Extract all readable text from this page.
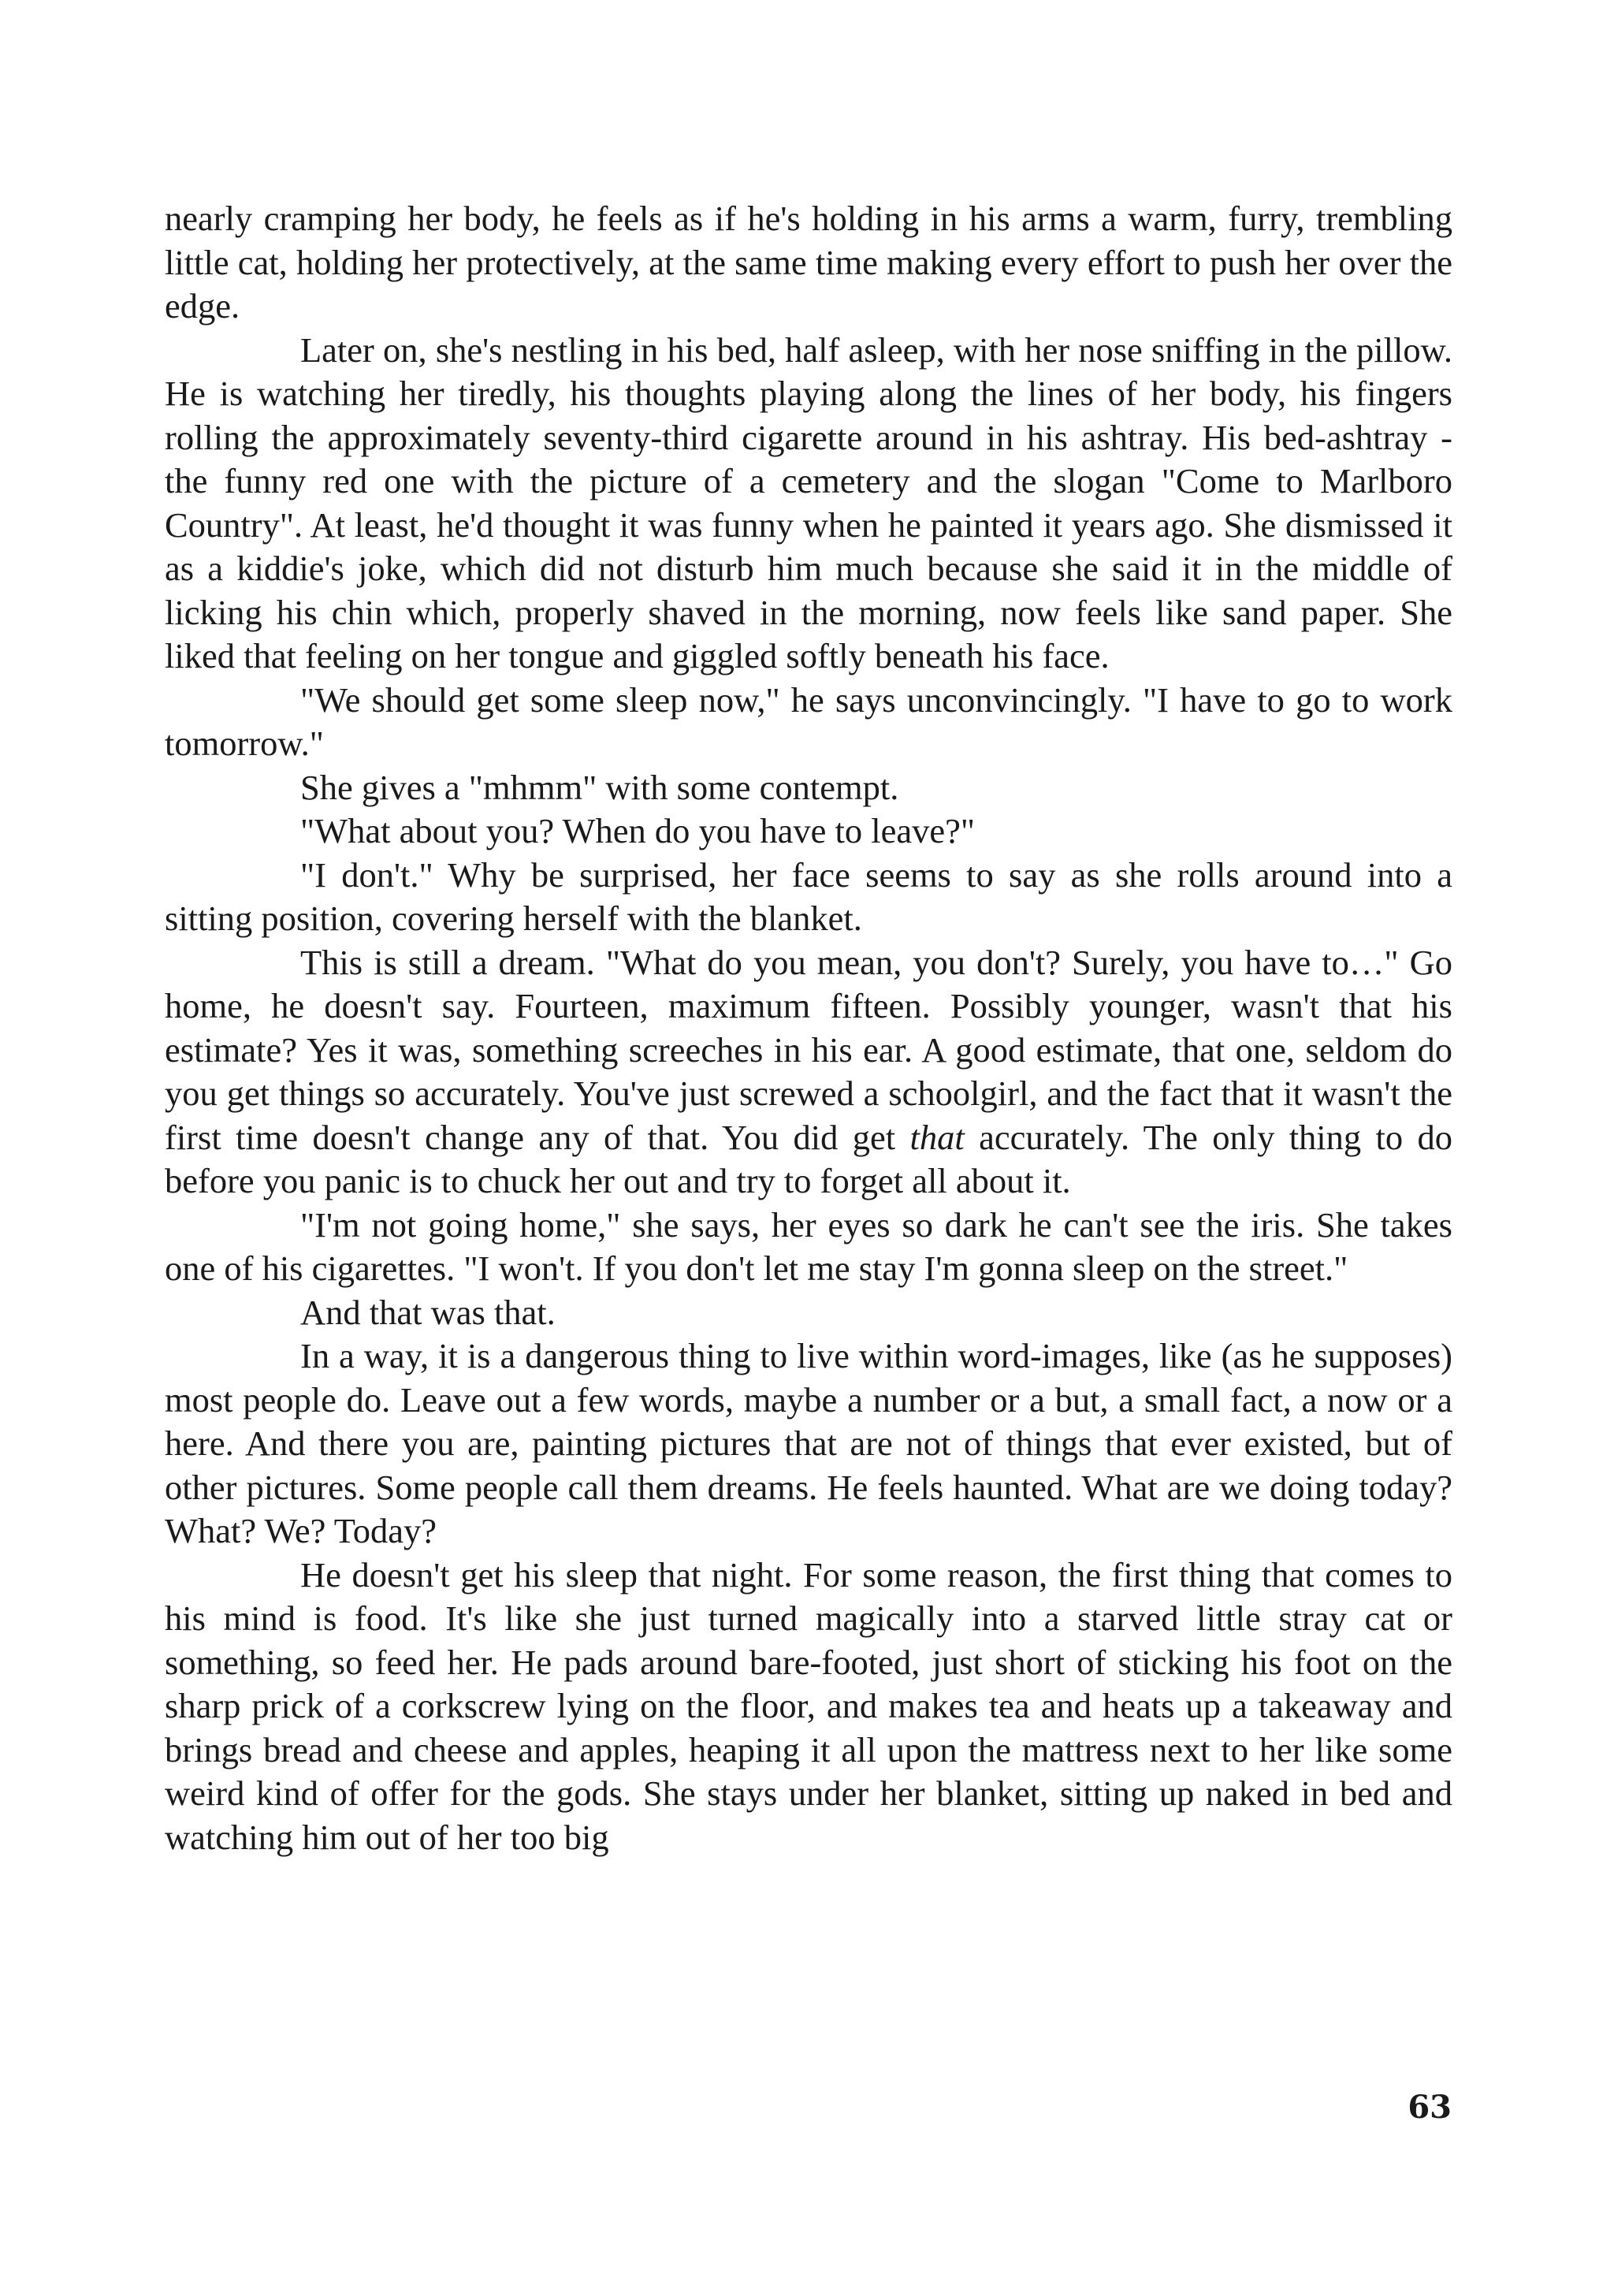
nearly cramping her body, he feels as if he's holding in his arms a warm, furry, trembling little cat, holding her protectively, at the same time making every effort to push her over the edge.

Later on, she's nestling in his bed, half asleep, with her nose sniffing in the pillow. He is watching her tiredly, his thoughts playing along the lines of her body, his fingers rolling the approximately seventy-third cigarette around in his ashtray. His bed-ashtray - the funny red one with the picture of a cemetery and the slogan "Come to Marlboro Country". At least, he'd thought it was funny when he painted it years ago. She dismissed it as a kiddie's joke, which did not disturb him much because she said it in the middle of licking his chin which, properly shaved in the morning, now feels like sand paper. She liked that feeling on her tongue and giggled softly beneath his face.

"We should get some sleep now," he says unconvincingly. "I have to go to work tomorrow."

She gives a "mhmm" with some contempt.

"What about you? When do you have to leave?"

"I don't." Why be surprised, her face seems to say as she rolls around into a sitting position, covering herself with the blanket.

This is still a dream. "What do you mean, you don't? Surely, you have to…" Go home, he doesn't say. Fourteen, maximum fifteen. Possibly younger, wasn't that his estimate? Yes it was, something screeches in his ear. A good estimate, that one, seldom do you get things so accurately. You've just screwed a schoolgirl, and the fact that it wasn't the first time doesn't change any of that. You did get that accurately. The only thing to do before you panic is to chuck her out and try to forget all about it.

"I'm not going home," she says, her eyes so dark he can't see the iris. She takes one of his cigarettes. "I won't. If you don't let me stay I'm gonna sleep on the street."

And that was that.

In a way, it is a dangerous thing to live within word-images, like (as he supposes) most people do. Leave out a few words, maybe a number or a but, a small fact, a now or a here. And there you are, painting pictures that are not of things that ever existed, but of other pictures. Some people call them dreams. He feels haunted. What are we doing today? What? We? Today?

He doesn't get his sleep that night. For some reason, the first thing that comes to his mind is food. It's like she just turned magically into a starved little stray cat or something, so feed her. He pads around bare-footed, just short of sticking his foot on the sharp prick of a corkscrew lying on the floor, and makes tea and heats up a takeaway and brings bread and cheese and apples, heaping it all upon the mattress next to her like some weird kind of offer for the gods. She stays under her blanket, sitting up naked in bed and watching him out of her too big

63
